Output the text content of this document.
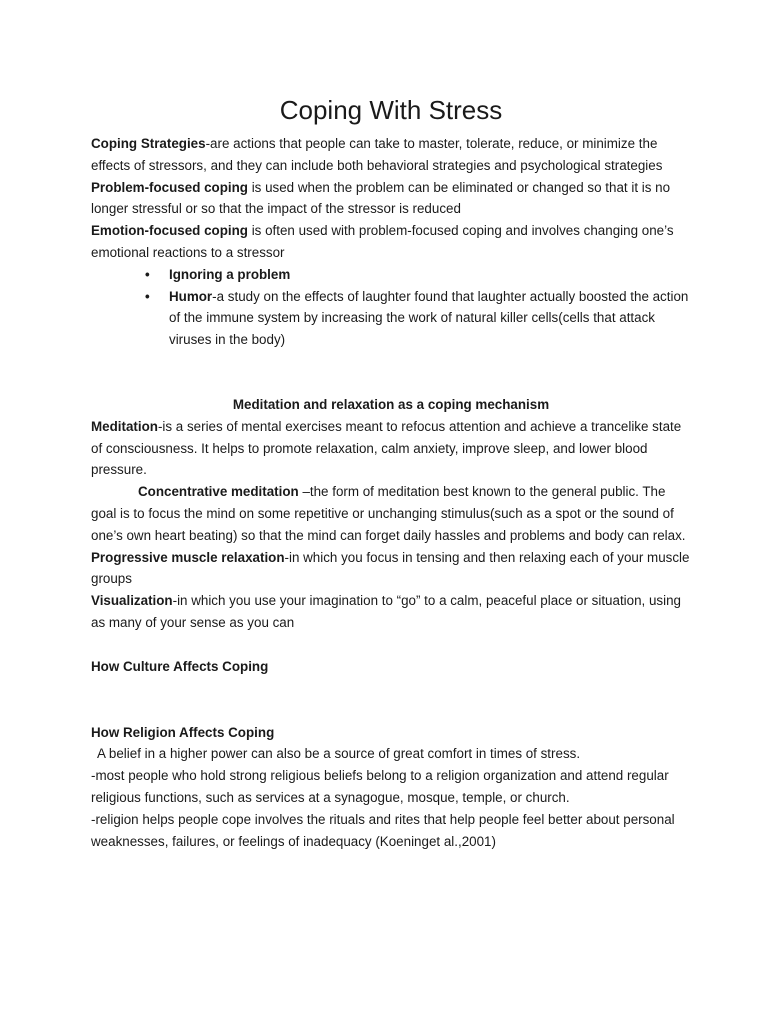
Coping With Stress

Coping Strategies-are actions that people can take to master, tolerate, reduce, or minimize the effects of stressors, and they can include both behavioral strategies and psychological strategies

Problem-focused coping is used when the problem can be eliminated or changed so that it is no longer stressful or so that the impact of the stressor is reduced

Emotion-focused coping is often used with problem-focused coping and involves changing one’s emotional reactions to a stressor

• Ignoring a problem
• Humor-a study on the effects of laughter found that laughter actually boosted the action of the immune system by increasing the work of natural killer cells(cells that attack viruses in the body)
Meditation and relaxation as a coping mechanism

Meditation-is a series of mental exercises meant to refocus attention and achieve a trancelike state of consciousness. It helps to promote relaxation, calm anxiety, improve sleep, and lower blood pressure.

Concentrative meditation –the form of meditation best known to the general public. The goal is to focus the mind on some repetitive or unchanging stimulus(such as a spot or the sound of one’s own heart beating) so that the mind can forget daily hassles and problems and body can relax.

Progressive muscle relaxation-in which you focus in tensing and then relaxing each of your muscle groups

Visualization-in which you use your imagination to “go” to a calm, peaceful place or situation, using as many of your sense as you can

How Culture Affects Coping
How Religion Affects Coping

A belief in a higher power can also be a source of great comfort in times of stress.

-most people who hold strong religious beliefs belong to a religion organization and attend regular religious functions, such as services at a synagogue, mosque, temple, or church.

-religion helps people cope involves the rituals and rites that help people feel better about personal weaknesses, failures, or feelings of inadequacy (Koeninget al.,2001)
